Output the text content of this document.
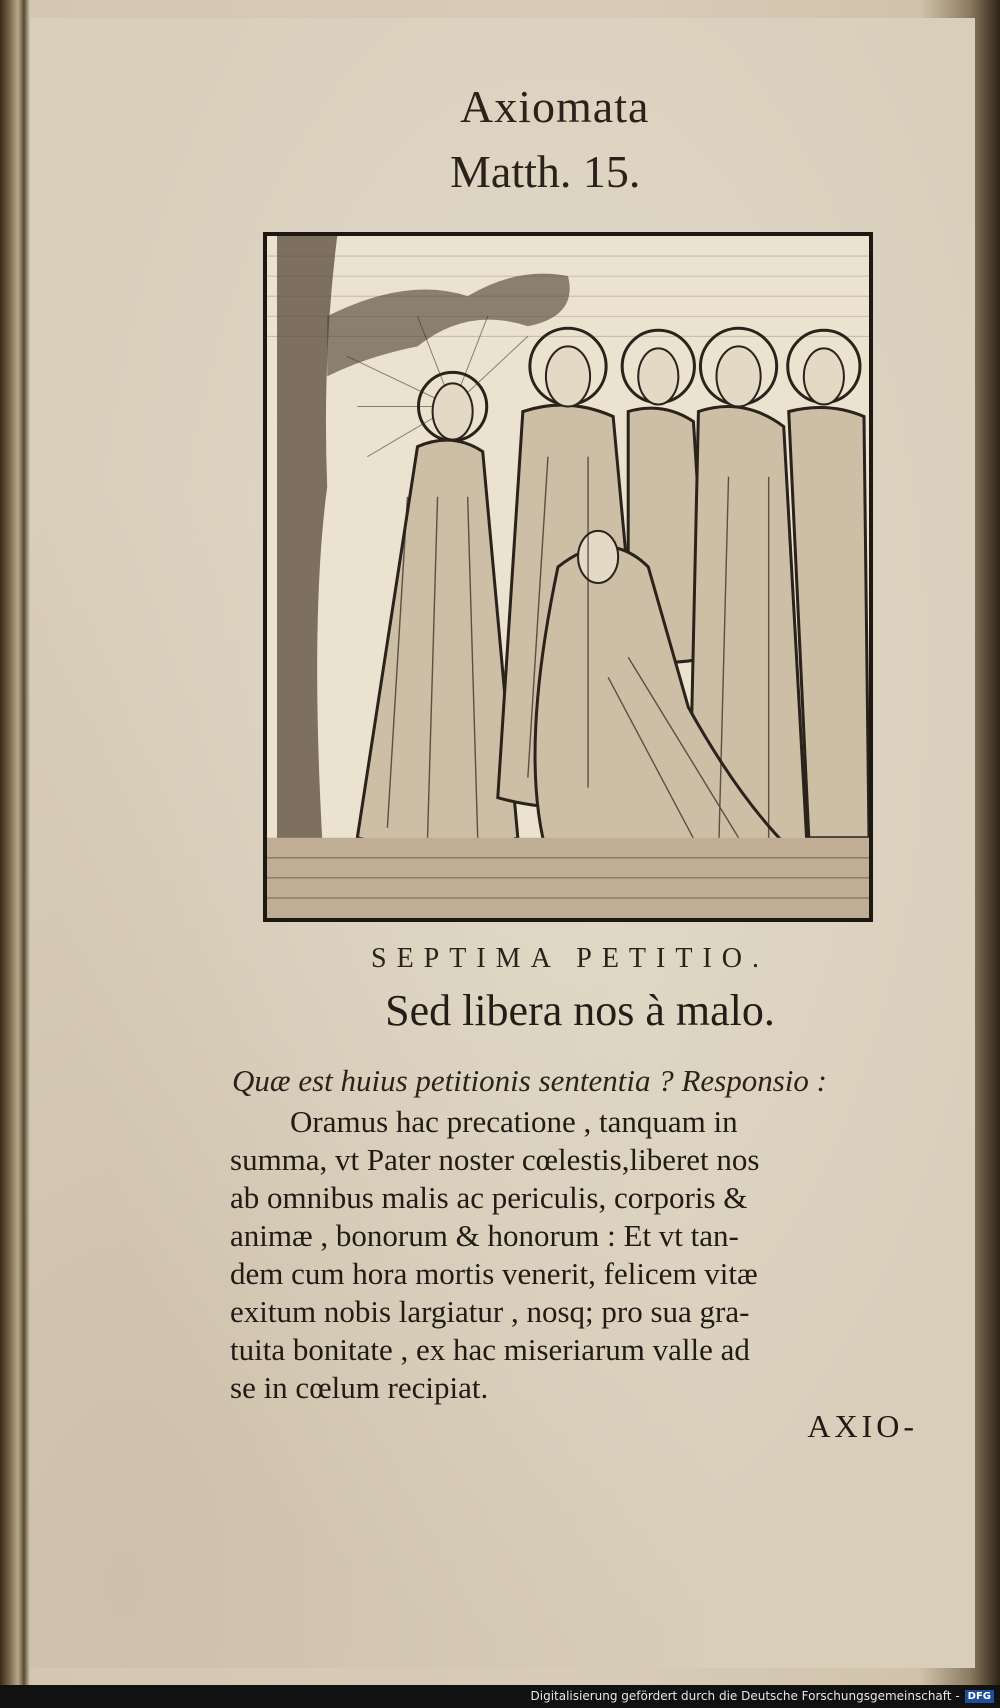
Axiomata
Matth. 15.
SEPTIMA PETITIO.
Sed libera nos à malo.
Quæ est huius petitionis sententia ? Responsio :
Oramus hac precatione , tanquam in
summa, vt Pater noster cœlestis,liberet nos
ab omnibus malis ac periculis, corporis &
animæ , bonorum & honorum : Et vt tan-
dem cum hora mortis venerit, felicem vitæ
exitum nobis largiatur , nosq; pro sua gra-
tuita bonitate , ex hac miseriarum valle ad
se in cœlum recipiat.
AXIO-
Digitalisierung gefördert durch die Deutsche Forschungsgemeinschaft - DFG
